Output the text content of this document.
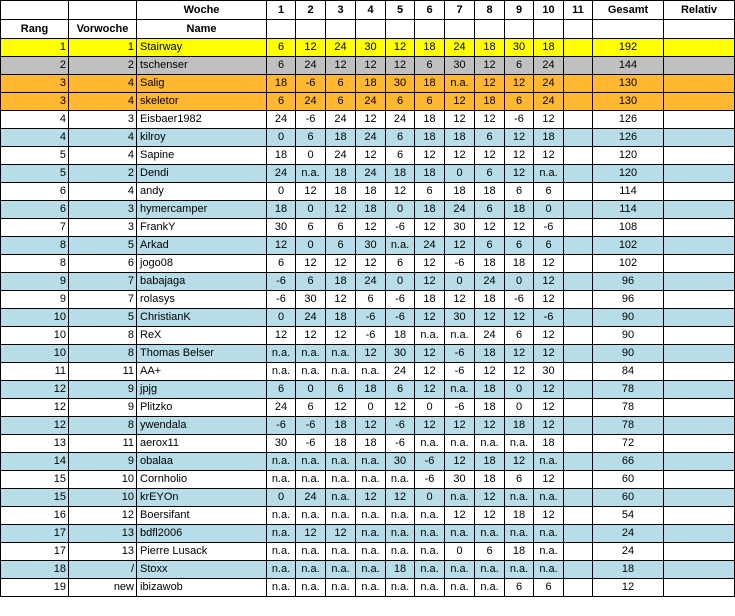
		Woche	1	2	3	4	5	6	7	8	9	10	11	Gesamt	Relativ
Rang	Vorwoche	Name													
1	1	Stairway	6	12	24	30	12	18	24	18	30	18		192	
2	2	tschenser	6	24	12	12	12	6	30	12	6	24		144	
3	4	Salig	18	-6	6	18	30	18	n.a.	12	12	24		130	
3	4	skeletor	6	24	6	24	6	6	12	18	6	24		130	
4	3	Eisbaer1982	24	-6	24	12	24	18	12	12	-6	12		126	
4	4	kilroy	0	6	18	24	6	18	18	6	12	18		126	
5	4	Sapine	18	0	24	12	6	12	12	12	12	12		120	
5	2	Dendi	24	n.a.	18	24	18	18	0	6	12	n.a.		120	
6	4	andy	0	12	18	18	12	6	18	18	6	6		114	
6	3	hymercamper	18	0	12	18	0	18	24	6	18	0		114	
7	3	FrankY	30	6	6	12	-6	12	30	12	12	-6		108	
8	5	Arkad	12	0	6	30	n.a.	24	12	6	6	6		102	
8	6	jogo08	6	12	12	12	6	12	-6	18	18	12		102	
9	7	babajaga	-6	6	18	24	0	12	0	24	0	12		96	
9	7	rolasys	-6	30	12	6	-6	18	12	18	-6	12		96	
10	5	ChristianK	0	24	18	-6	-6	12	30	12	12	-6		90	
10	8	ReX	12	12	12	-6	18	n.a.	n.a.	24	6	12		90	
10	8	Thomas Belser	n.a.	n.a.	n.a.	12	30	12	-6	18	12	12		90	
11	11	AA+	n.a.	n.a.	n.a.	n.a.	24	12	-6	12	12	30		84	
12	9	jpjg	6	0	6	18	6	12	n.a.	18	0	12		78	
12	9	Plitzko	24	6	12	0	12	0	-6	18	0	12		78	
12	8	ywendala	-6	-6	18	12	-6	12	12	12	18	12		78	
13	11	aerox11	30	-6	18	18	-6	n.a.	n.a.	n.a.	n.a.	18		72	
14	9	obalaa	n.a.	n.a.	n.a.	n.a.	30	-6	12	18	12	n.a.		66	
15	10	Cornholio	n.a.	n.a.	n.a.	n.a.	n.a.	-6	30	18	6	12		60	
15	10	krEYOn	0	24	n.a.	12	12	0	n.a.	12	n.a.	n.a.		60	
16	12	Boersifant	n.a.	n.a.	n.a.	n.a.	n.a.	n.a.	12	12	18	12		54	
17	13	bdfl2006	n.a.	12	12	n.a.	n.a.	n.a.	n.a.	n.a.	n.a.	n.a.		24	
17	13	Pierre Lusack	n.a.	n.a.	n.a.	n.a.	n.a.	n.a.	0	6	18	n.a.		24	
18	/	Stoxx	n.a.	n.a.	n.a.	n.a.	18	n.a.	n.a.	n.a.	n.a.	n.a.		18	
19	new	ibizawob	n.a.	n.a.	n.a.	n.a.	n.a.	n.a.	n.a.	n.a.	6	6		12	
